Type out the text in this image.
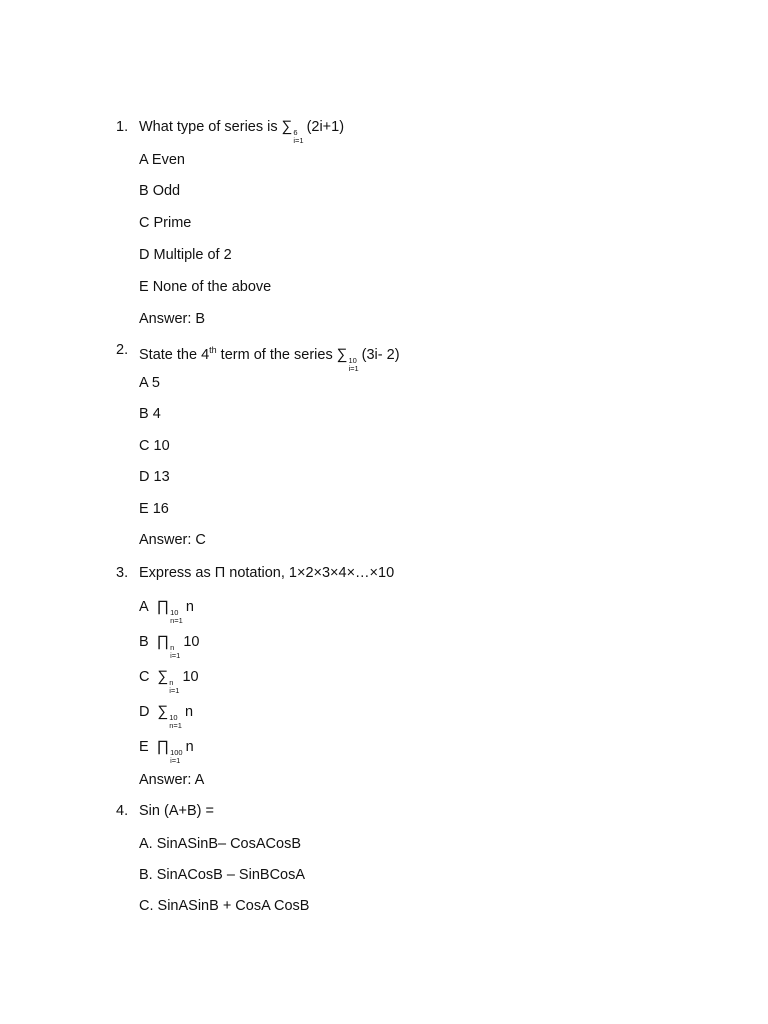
1. What type of series is ∑ 6
i=1
(2i+1)
A Even
B Odd
C Prime
D Multiple of 2
E None of the above
Answer: B
2. State the 4th term of the series ∑ 10
i=1
(3i- 2)
A 5
B 4
C 10
D 13
E 16
Answer: C
3. Express as Π notation, 1×2×3×4×…×10
A ∏ 10
n=1
n
B ∏ n
i=1
10
C ∑ n
i=1
10
D ∑ 10
n=1
n
E ∏ 100
i=1
n
Answer: A
4. Sin (A+B) =
A. SinASinB– CosACosB
B. SinACosB – SinBCosA
C. SinASinB + CosA CosB
